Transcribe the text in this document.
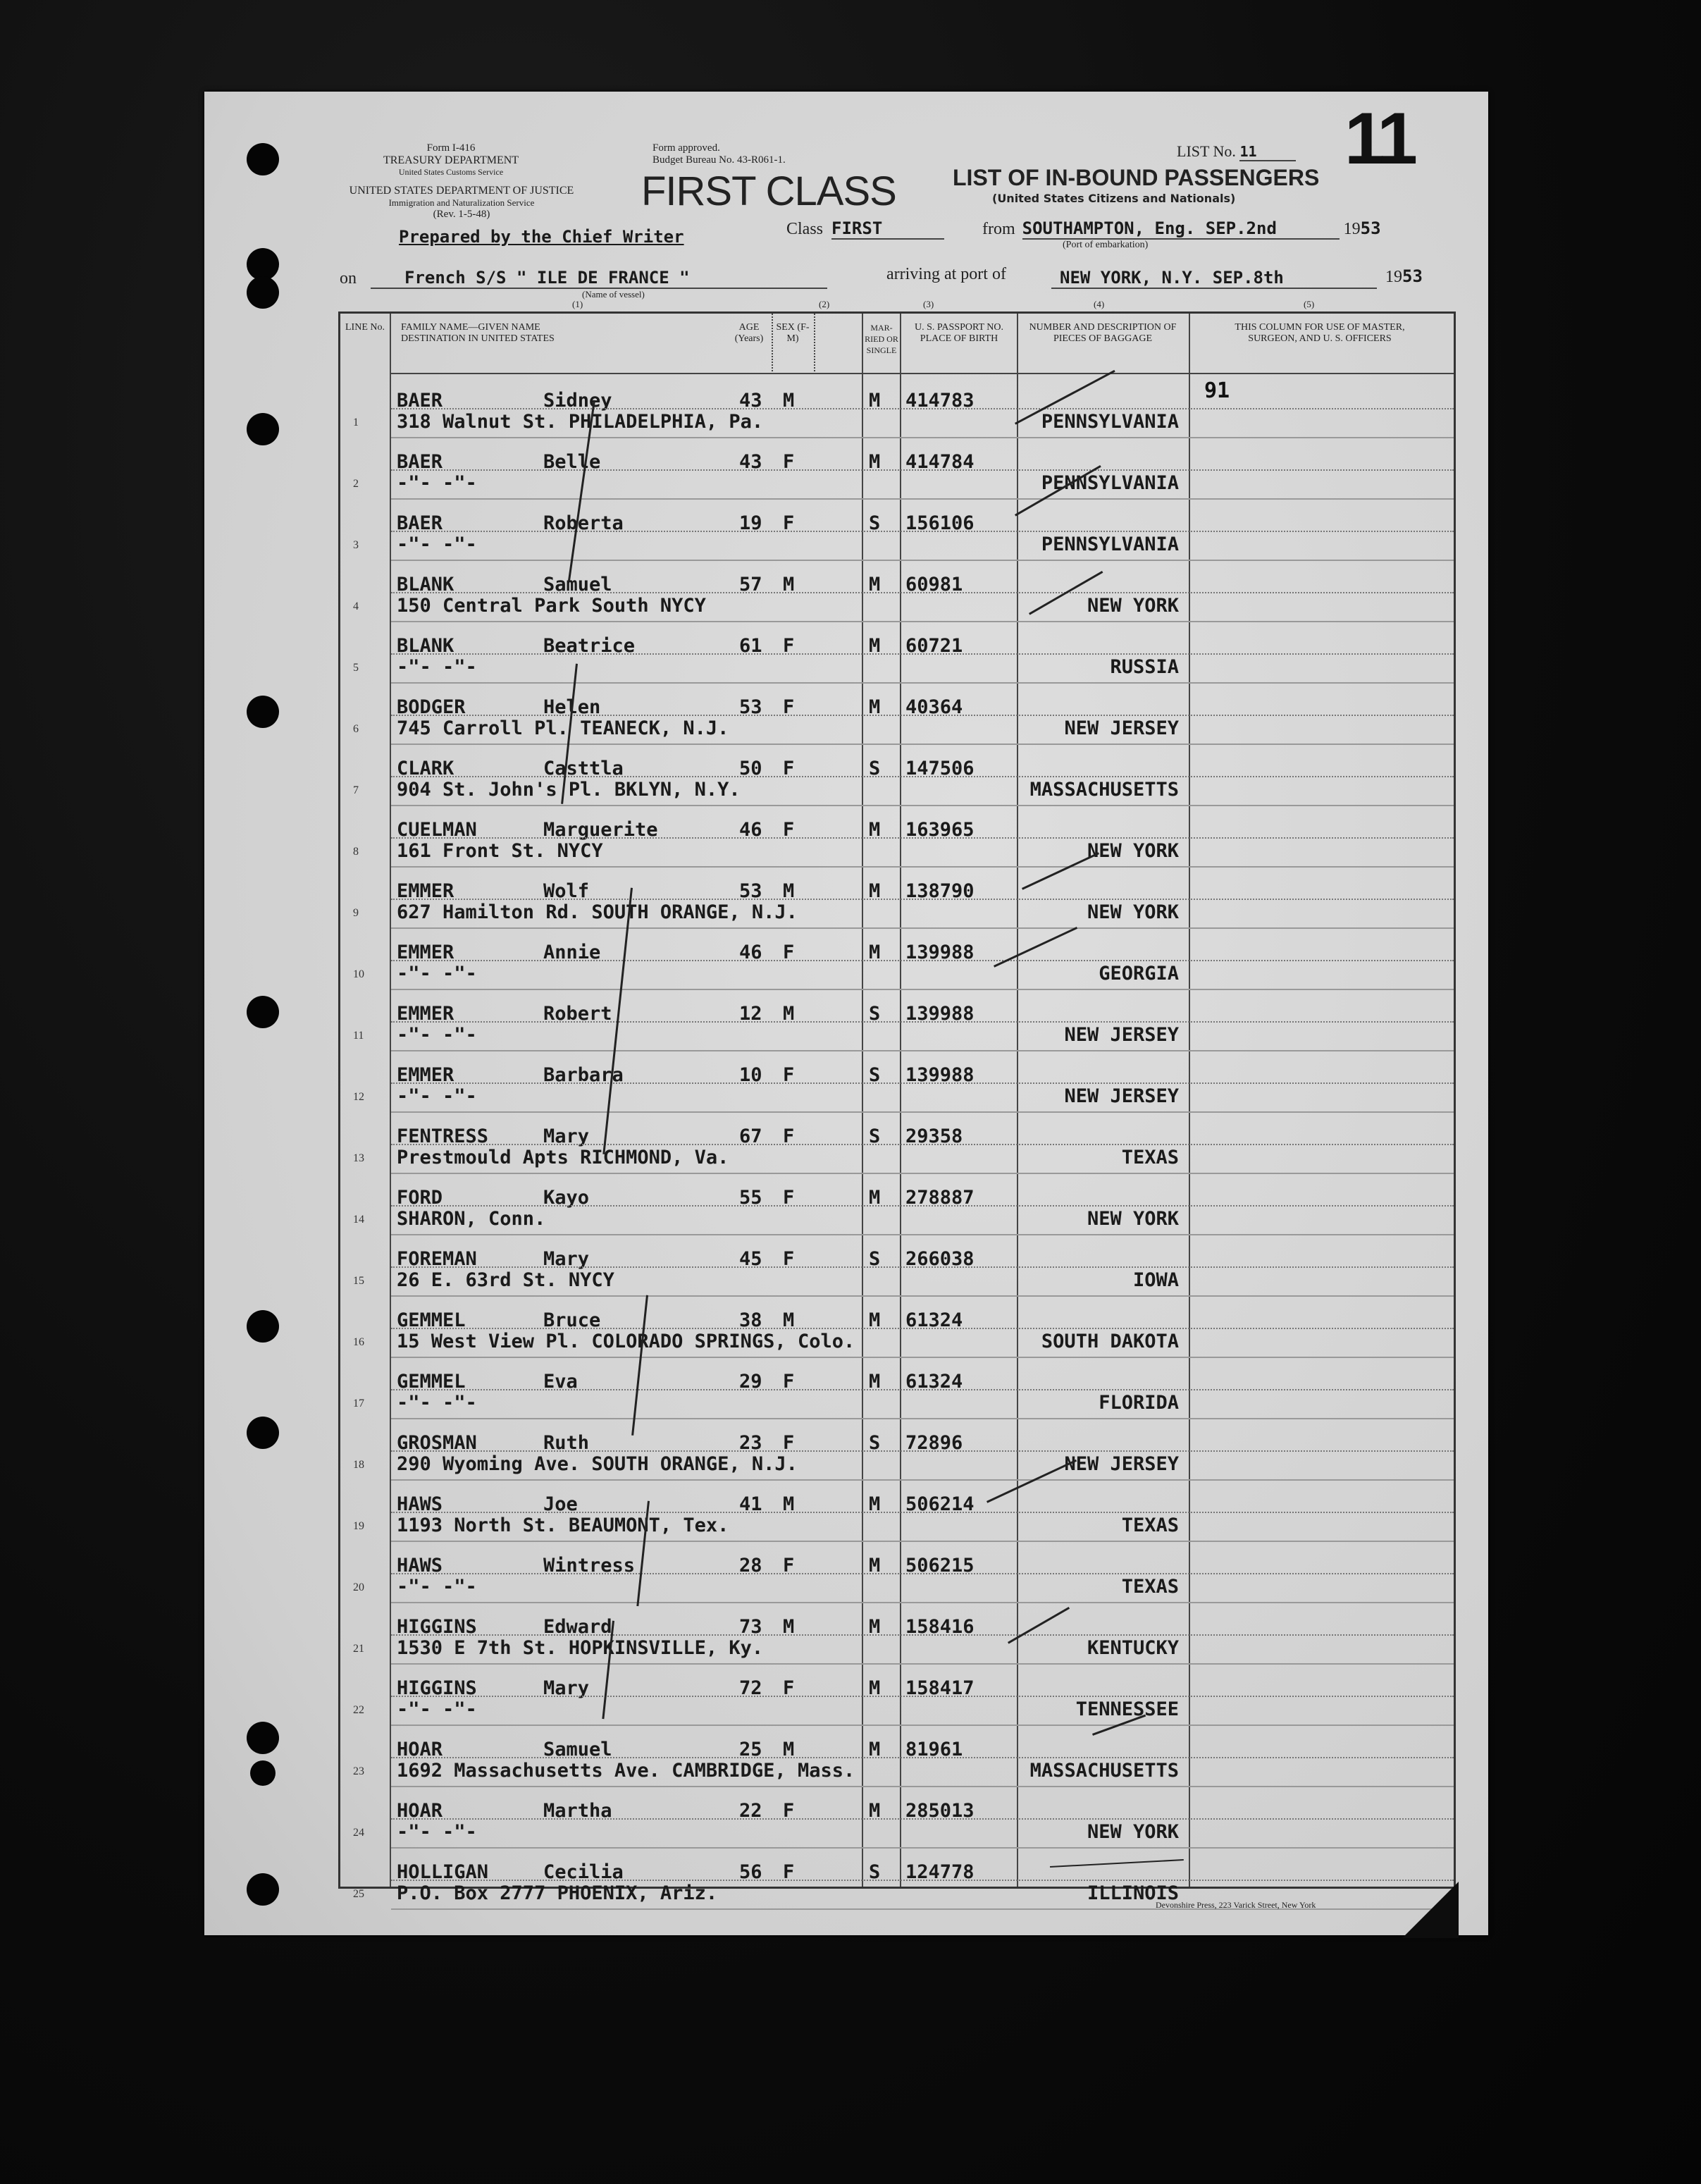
11
Form I-416
TREASURY DEPARTMENT
United States Customs Service
UNITED STATES DEPARTMENT OF JUSTICE
Immigration and Naturalization Service
(Rev. 1-5-48)
Form approved.
Budget Bureau No. 43-R061-1.
FIRST CLASS	LIST OF IN-BOUND PASSENGERS
(United States Citizens and Nationals)
LIST No. 11
Prepared by the Chief Writer	Class FIRST	from SOUTHAMPTON, Eng. SEP.2nd	1953
(Port of embarkation)
on	French S/S " ILE DE FRANCE "
(Name of vessel)
arriving at port of	NEW YORK, N.Y. SEP.8th	1953
(1)	(2)	(3)	(4)	(5)
LINE No. FAMILY NAME—GIVEN NAME
DESTINATION IN UNITED STATES
AGE (Years)
SEX (F-M)
MAR-RIED OR SINGLE
U. S. PASSPORT NO. PLACE OF BIRTH
NUMBER AND DESCRIPTION OF PIECES OF BAGGAGE
THIS COLUMN FOR USE OF MASTER, SURGEON, AND U. S. OFFICERS
91
1
BAER	Sidney	43 M	M 414783
318 Walnut St. PHILADELPHIA, Pa.	PENNSYLVANIA
2
BAER	Belle	43 F	M 414784
-"- -"-	PENNSYLVANIA
3
BAER	Roberta	19 F	S 156106
-"- -"-	PENNSYLVANIA
4
BLANK	Samuel	57 M	M 60981
150 Central Park South NYCY	NEW YORK
5
BLANK	Beatrice	61 F	M 60721
-"- -"-	RUSSIA
6
BODGER	Helen	53 F	M 40364
745 Carroll Pl. TEANECK, N.J.	NEW JERSEY
7
CLARK	Casttla	50 F	S 147506
904 St. John's Pl. BKLYN, N.Y.	MASSACHUSETTS
8
CUELMAN	Marguerite	46 F	M 163965
161 Front St. NYCY	NEW YORK
9
EMMER	Wolf	53 M	M 138790
627 Hamilton Rd. SOUTH ORANGE, N.J.	NEW YORK
10
EMMER	Annie	46 F	M 139988
-"- -"-	GEORGIA
11
EMMER	Robert	12 M	S 139988
-"- -"-	NEW JERSEY
12
EMMER	Barbara	10 F	S 139988
-"- -"-	NEW JERSEY
13
FENTRESS	Mary	67 F	S 29358
Prestmould Apts RICHMOND, Va.	TEXAS
14
FORD	Kayo	55 F	M 278887
SHARON, Conn.	NEW YORK
15
FOREMAN	Mary	45 F	S 266038
26 E. 63rd St. NYCY	IOWA
16
GEMMEL	Bruce	38 M	M 61324
15 West View Pl. COLORADO SPRINGS, Colo.	SOUTH DAKOTA
17
GEMMEL	Eva	29 F	M 61324
-"- -"-	FLORIDA
18
GROSMAN	Ruth	23 F	S 72896
290 Wyoming Ave. SOUTH ORANGE, N.J.	NEW JERSEY
19
HAWS	Joe	41 M	M 506214
1193 North St. BEAUMONT, Tex.	TEXAS
20
HAWS	Wintress	28 F	M 506215
-"- -"-	TEXAS
21
HIGGINS	Edward	73 M	M 158416
1530 E 7th St. HOPKINSVILLE, Ky.	KENTUCKY
22
HIGGINS	Mary	72 F	M 158417
-"- -"-	TENNESSEE
23
HOAR	Samuel	25 M	M 81961
1692 Massachusetts Ave. CAMBRIDGE, Mass.	MASSACHUSETTS
24
HOAR	Martha	22 F	M 285013
-"- -"-	NEW YORK
25
HOLLIGAN	Cecilia	56 F	S 124778
P.O. Box 2777 PHOENIX, Ariz.	ILLINOIS
Devonshire Press, 223 Varick Street, New York
